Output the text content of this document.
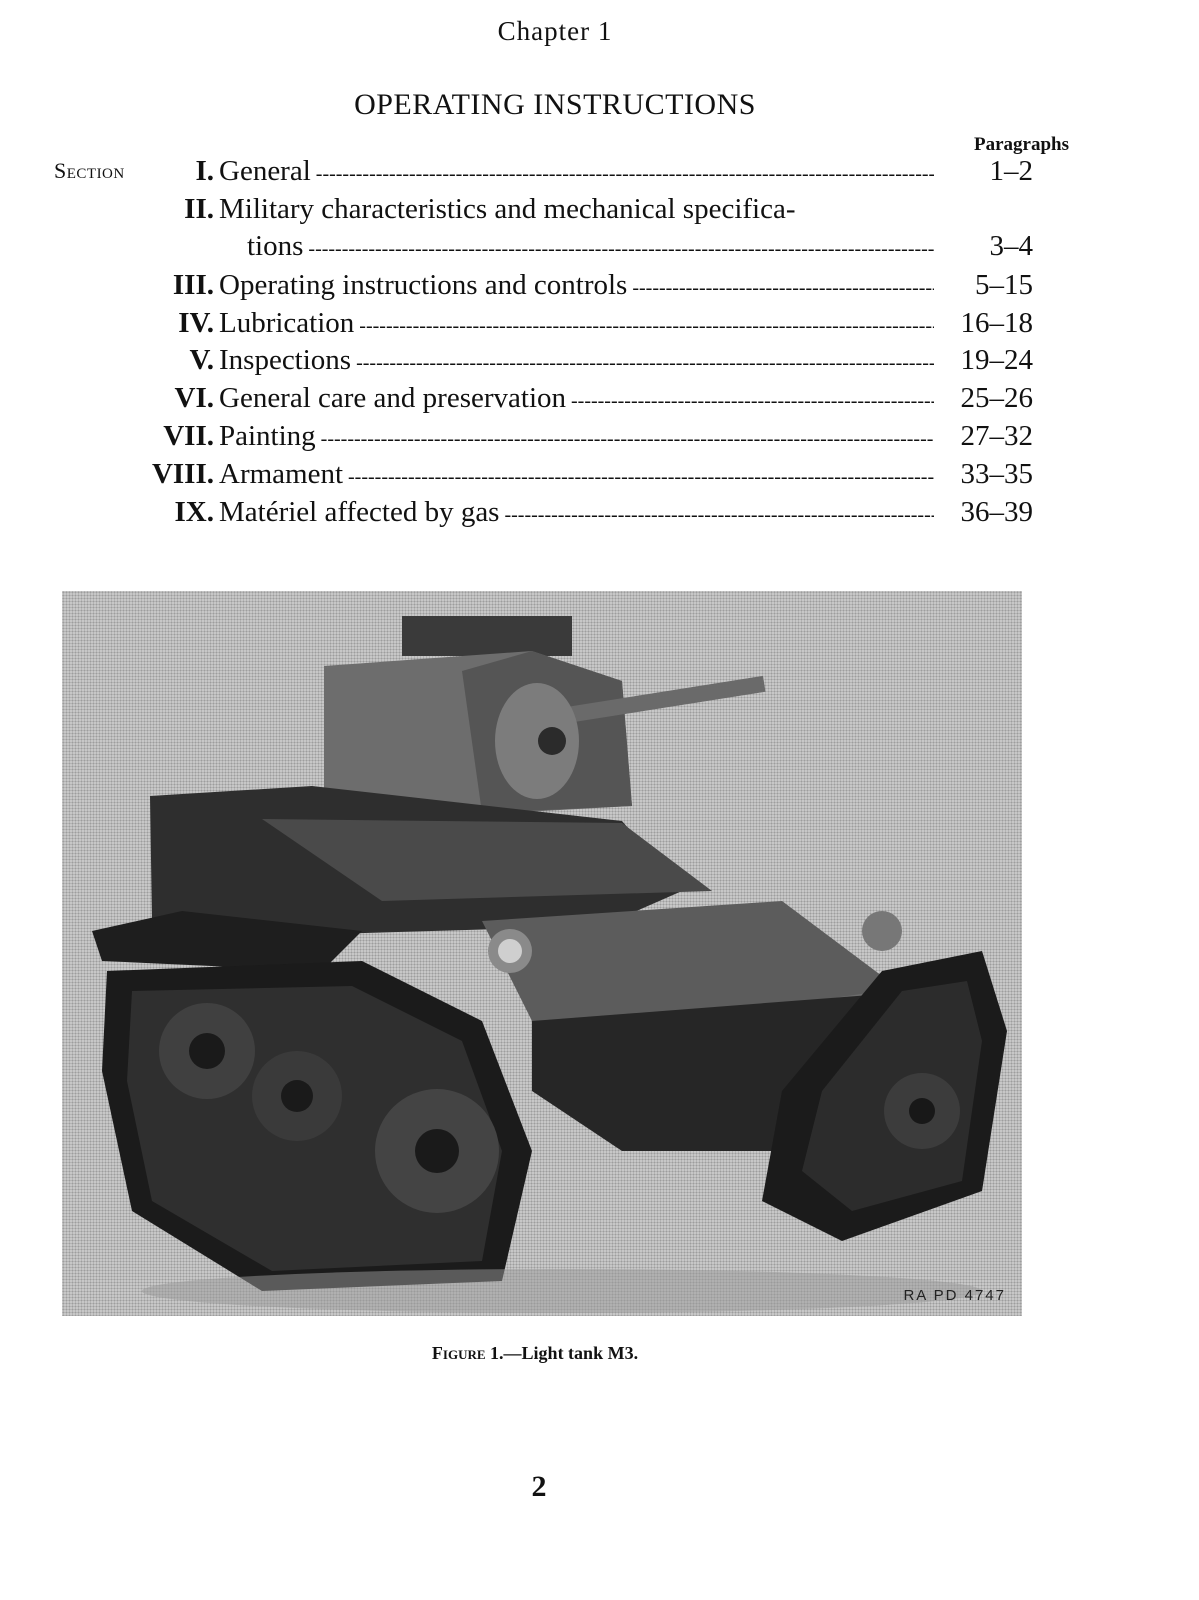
Chapter 1
OPERATING INSTRUCTIONS
Paragraphs
Section I. General -----	1–2
II. Military characteristics and mechanical specifica-
tions -----	3–4
III. Operating instructions and controls -----	5–15
IV. Lubrication -----	16–18
V. Inspections -----	19–24
VI. General care and preservation -----	25–26
VII. Painting -----	27–32
VIII. Armament -----	33–35
IX. Matériel affected by gas -----	36–39
RA PD 4747
Figure 1.—Light tank M3.
2
